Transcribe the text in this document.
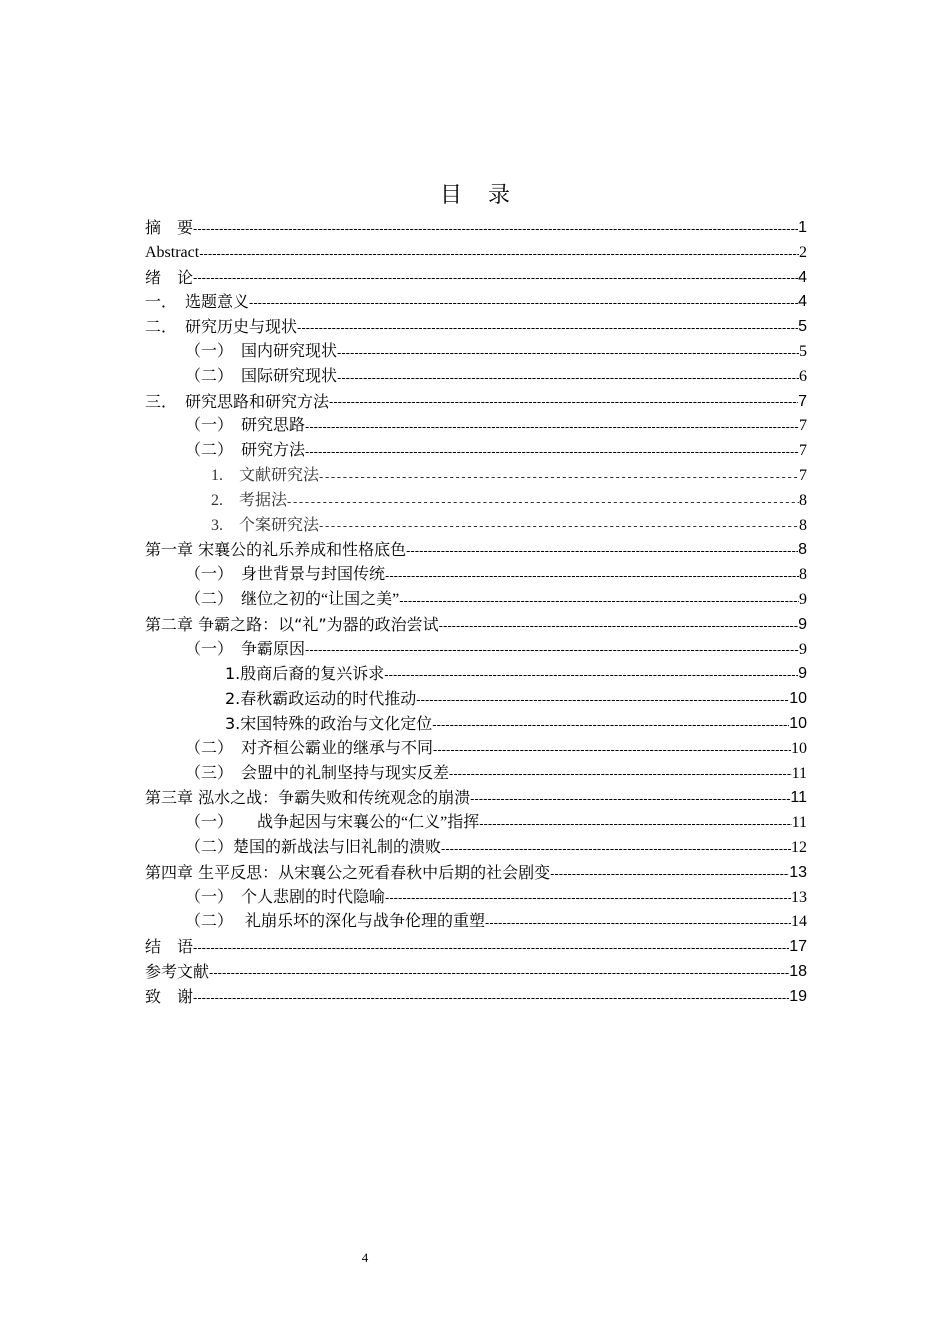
目 录
摘　要 -----	1
Abstract -----	2
绪　论 -----	4
一．　选题意义 -----	4
二．　研究历史与现状 -----	5
（一）　国内研究现状 -----	5
（二）　国际研究现状 -----	6
三．　研究思路和研究方法 -----	7
（一）　研究思路 -----	7
（二）　研究方法 -----	7
1.　文献研究法 -----	7
2.　考据法 -----	8
3.　个案研究法 -----	8
第一章 宋襄公的礼乐养成和性格底色 -----	8
（一）　身世背景与封国传统 -----	8
（二）　继位之初的“让国之美” -----	9
第二章 争霸之路：以“礼”为器的政治尝试 -----	9
（一）　争霸原因 -----	9
1.殷商后裔的复兴诉求 -----	9
2.春秋霸政运动的时代推动 -----	10
3.宋国特殊的政治与文化定位 -----	10
（二）　对齐桓公霸业的继承与不同 -----	10
（三）　会盟中的礼制坚持与现实反差 -----	11
第三章 泓水之战：争霸失败和传统观念的崩溃 -----	11
（一）　　战争起因与宋襄公的“仁义”指挥 -----	11
（二）楚国的新战法与旧礼制的溃败 -----	12
第四章 生平反思：从宋襄公之死看春秋中后期的社会剧变 -----	13
（一）　个人悲剧的时代隐喻 -----	13
（二）　 礼崩乐坏的深化与战争伦理的重塑 -----	14
结　语 -----	17
参考文献 -----	18
致　谢 -----	19
4
